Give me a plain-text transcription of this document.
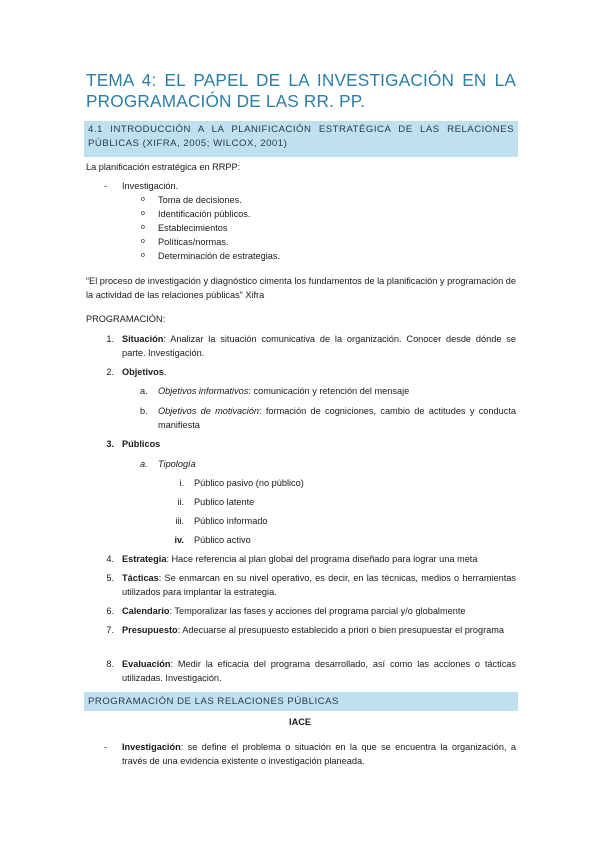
TEMA 4: EL PAPEL DE LA INVESTIGACIÓN EN LA PROGRAMACIÓN DE LAS RR. PP.
4.1 INTRODUCCIÓN A LA PLANIFICACIÓN ESTRATÉGICA DE LAS RELACIONES PÚBLICAS (XIFRA, 2005; WILCOX, 2001)
La planificación estratégica en RRPP:
- Investigación.
o Toma de decisiones.
o Identificación públicos.
o Establecimientos
o Políticas/normas.
o Determinación de estrategias.
“El proceso de investigación y diagnóstico cimenta los fundamentos de la planificación y programación de la actividad de las relaciones públicas” Xifra
PROGRAMACIÓN:
1. Situación: Analizar la situación comunicativa de la organización. Conocer desde dónde se parte. Investigación.
2. Objetivos.
a. Objetivos informativos: comunicación y retención del mensaje
b. Objetivos de motivación: formación de cogniciones, cambio de actitudes y conducta manifiesta
3. Públicos
a. Tipología
i. Público pasivo (no público)
ii. Publico latente
iii. Público informado
iv. Público activo
4. Estrategia: Hace referencia al plan global del programa diseñado para lograr una meta
5. Tácticas: Se enmarcan en su nivel operativo, es decir, en las técnicas, medios o herramientas utilizados para implantar la estrategia.
6. Calendario: Temporalizar las fases y acciones del programa parcial y/o globalmente
7. Presupuesto: Adecuarse al presupuesto establecido a priori o bien presupuestar el programa
8. Evaluación: Medir la eficacia del programa desarrollado, así como las acciones o tácticas utilizadas. Investigación.
PROGRAMACIÓN DE LAS RELACIONES PÚBLICAS
IACE
- Investigación: se define el problema o situación en la que se encuentra la organización, a través de una evidencia existente o investigación planeada.
